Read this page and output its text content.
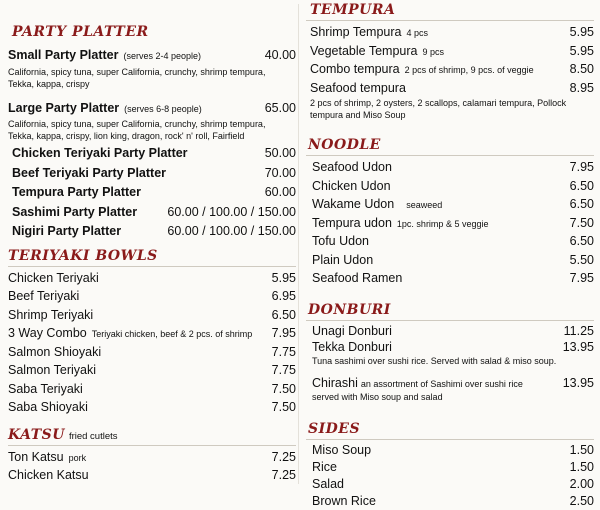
PARTY PLATTER
Small Party Platter (serves 2-4 people)	40.00
California, spicy tuna, super California, crunchy, shrimp tempura, Tekka, kappa, crispy
Large Party Platter (serves 6-8 people)	65.00
California, spicy tuna, super California, crunchy, shrimp tempura, Tekka, kappa, crispy, lion king, dragon, rock' n' roll, Fairfield
Chicken Teriyaki Party Platter	50.00
Beef Teriyaki Party Platter	70.00
Tempura Party Platter	60.00
Sashimi Party Platter	60.00 / 100.00 / 150.00
Nigiri Party Platter	60.00 / 100.00 / 150.00
TERIYAKI BOWLS
Chicken Teriyaki	5.95
Beef Teriyaki	6.95
Shrimp Teriyaki	6.50
3 Way Combo Teriyaki chicken, beef & 2 pcs. of shrimp	7.95
Salmon Shioyaki	7.75
Salmon Teriyaki	7.75
Saba Teriyaki	7.50
Saba Shioyaki	7.50
KATSU fried cutlets
Ton Katsu pork	7.25
Chicken Katsu	7.25
TEMPURA
Shrimp Tempura 4 pcs	5.95
Vegetable Tempura 9 pcs	5.95
Combo tempura 2 pcs of shrimp, 9 pcs. of veggie	8.50
Seafood tempura	8.95
2 pcs of shrimp, 2 oysters, 2 scallops, calamari tempura, Pollock tempura and Miso Soup
NOODLE
Seafood Udon	7.95
Chicken Udon	6.50
Wakame Udon seaweed	6.50
Tempura udon 1pc. shrimp & 5 veggie	7.50
Tofu Udon	6.50
Plain Udon	5.50
Seafood Ramen	7.95
DONBURI
Unagi Donburi	11.25
Tekka Donburi	13.95
Tuna sashimi over sushi rice. Served with salad & miso soup.
Chirashi an assortment of Sashimi over sushi rice	13.95
served with Miso soup and salad
SIDES
Miso Soup	1.50
Rice	1.50
Salad	2.00
Brown Rice	2.50
